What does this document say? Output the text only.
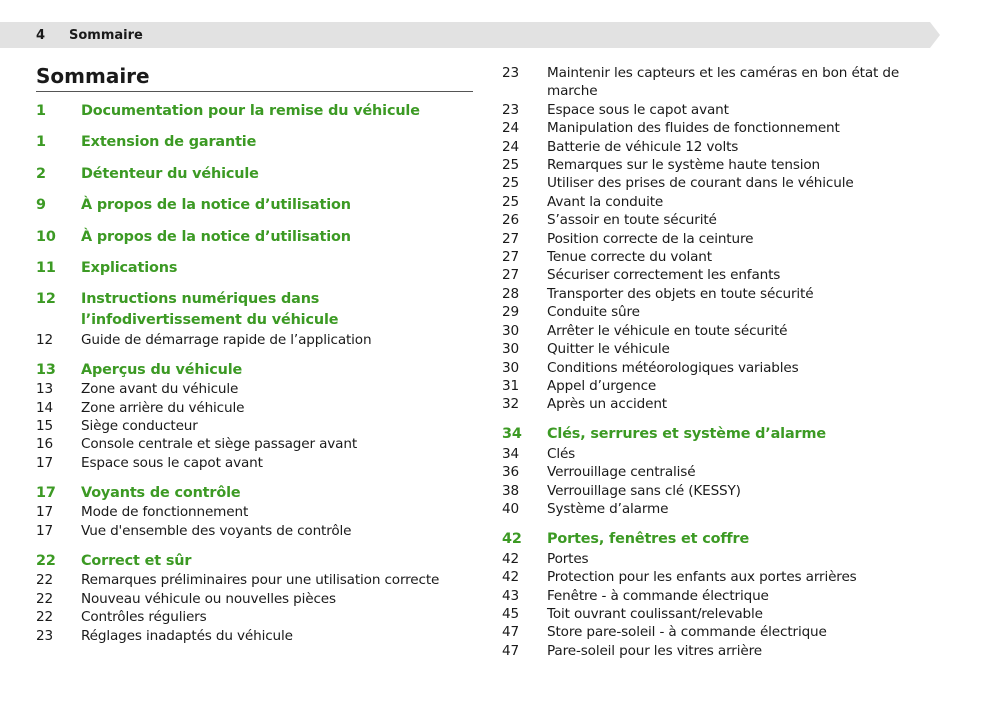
4 Sommaire
Sommaire
1	Documentation pour la remise du véhicule
1	Extension de garantie
2	Détenteur du véhicule
9	À propos de la notice d’utilisation
10	À propos de la notice d’utilisation
11	Explications
12	Instructions numériques dans l’infodivertissement du véhicule
12	Guide de démarrage rapide de l’application
13	Aperçus du véhicule
13	Zone avant du véhicule
14	Zone arrière du véhicule
15	Siège conducteur
16	Console centrale et siège passager avant
17	Espace sous le capot avant
17	Voyants de contrôle
17	Mode de fonctionnement
17	Vue d'ensemble des voyants de contrôle
22	Correct et sûr
22	Remarques préliminaires pour une utilisation correcte
22	Nouveau véhicule ou nouvelles pièces
22	Contrôles réguliers
23	Réglages inadaptés du véhicule
23	Maintenir les capteurs et les caméras en bon état de marche
23	Espace sous le capot avant
24	Manipulation des fluides de fonctionnement
24	Batterie de véhicule 12 volts
25	Remarques sur le système haute tension
25	Utiliser des prises de courant dans le véhicule
25	Avant la conduite
26	S’assoir en toute sécurité
27	Position correcte de la ceinture
27	Tenue correcte du volant
27	Sécuriser correctement les enfants
28	Transporter des objets en toute sécurité
29	Conduite sûre
30	Arrêter le véhicule en toute sécurité
30	Quitter le véhicule
30	Conditions météorologiques variables
31	Appel d’urgence
32	Après un accident
34	Clés, serrures et système d’alarme
34	Clés
36	Verrouillage centralisé
38	Verrouillage sans clé (KESSY)
40	Système d’alarme
42	Portes, fenêtres et coffre
42	Portes
42	Protection pour les enfants aux portes arrières
43	Fenêtre - à commande électrique
45	Toit ouvrant coulissant/relevable
47	Store pare-soleil - à commande électrique
47	Pare-soleil pour les vitres arrière
